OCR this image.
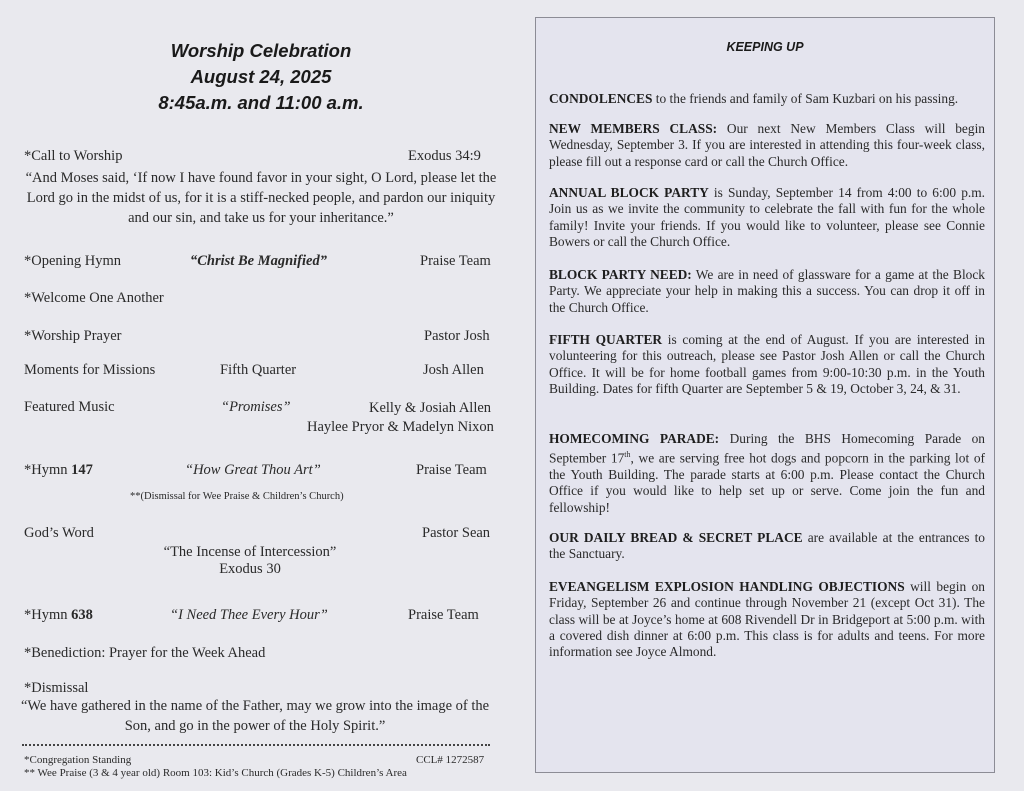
Worship Celebration
August 24, 2025
8:45a.m. and 11:00 a.m.
*Call to Worship	Exodus 34:9
“And Moses said, ‘If now I have found favor in your sight, O Lord, please let the
Lord go in the midst of us, for it is a stiff-necked people, and pardon our iniquity
and our sin, and take us for your inheritance.”
*Opening Hymn	“Christ Be Magnified”	Praise Team
*Welcome One Another
*Worship Prayer	Pastor Josh
Moments for Missions	Fifth Quarter	Josh Allen
Featured Music	“Promises”	Kelly & Josiah Allen
Haylee Pryor & Madelyn Nixon
*Hymn 147	“How Great Thou Art”	Praise Team
**(Dismissal for Wee Praise & Children’s Church)
God’s Word	Pastor Sean
“The Incense of Intercession”
Exodus 30
*Hymn 638	“I Need Thee Every Hour”	Praise Team
*Benediction: Prayer for the Week Ahead
*Dismissal
“We have gathered in the name of the Father, may we grow into the image of the
Son, and go in the power of the Holy Spirit.”
*Congregation Standing	CCL# 1272587
** Wee Praise (3 & 4 year old) Room 103: Kid’s Church (Grades K-5) Children’s Area
KEEPING UP
CONDOLENCES to the friends and family of Sam Kuzbari on his passing.
NEW MEMBERS CLASS: Our next New Members Class will begin Wednesday, September 3. If you are interested in attending this four-week class, please fill out a response card or call the Church Office.
ANNUAL BLOCK PARTY is Sunday, September 14 from 4:00 to 6:00 p.m. Join us as we invite the community to celebrate the fall with fun for the whole family! Invite your friends. If you would like to volunteer, please see Connie Bowers or call the Church Office.
BLOCK PARTY NEED: We are in need of glassware for a game at the Block Party. We appreciate your help in making this a success. You can drop it off in the Church Office.
FIFTH QUARTER is coming at the end of August. If you are interested in volunteering for this outreach, please see Pastor Josh Allen or call the Church Office. It will be for home football games from 9:00-10:30 p.m. in the Youth Building. Dates for fifth Quarter are September 5 & 19, October 3, 24, & 31.
HOMECOMING PARADE: During the BHS Homecoming Parade on September 17th, we are serving free hot dogs and popcorn in the parking lot of the Youth Building. The parade starts at 6:00 p.m. Please contact the Church Office if you would like to help set up or serve. Come join the fun and fellowship!
OUR DAILY BREAD & SECRET PLACE are available at the entrances to the Sanctuary.
EVEANGELISM EXPLOSION HANDLING OBJECTIONS will begin on Friday, September 26 and continue through November 21 (except Oct 31). The class will be at Joyce’s home at 608 Rivendell Dr in Bridgeport at 5:00 p.m. with a covered dish dinner at 6:00 p.m. This class is for adults and teens. For more information see Joyce Almond.
